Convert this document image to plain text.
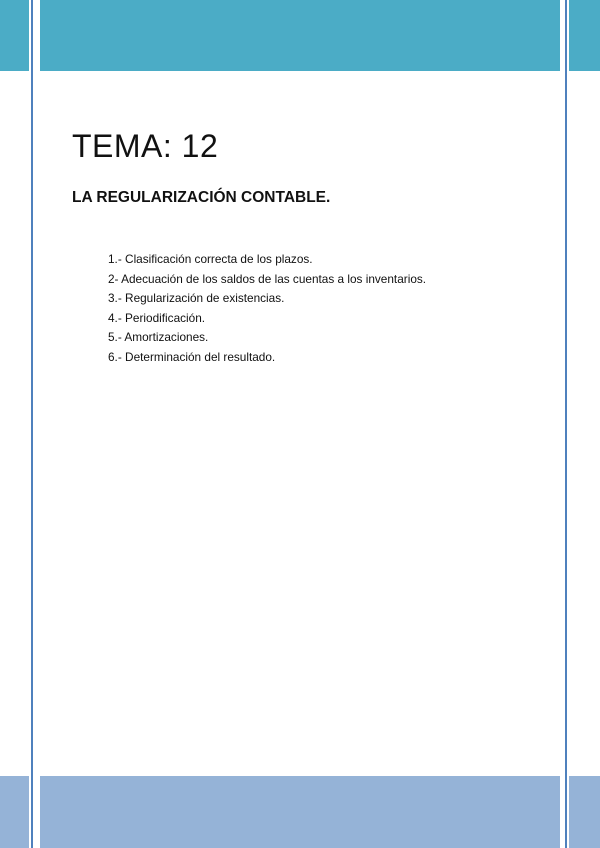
TEMA: 12
LA REGULARIZACIÓN CONTABLE.
1.- Clasificación correcta de los plazos.
2- Adecuación de los saldos de las cuentas a los inventarios.
3.- Regularización de existencias.
4.- Periodificación.
5.- Amortizaciones.
6.- Determinación del resultado.
